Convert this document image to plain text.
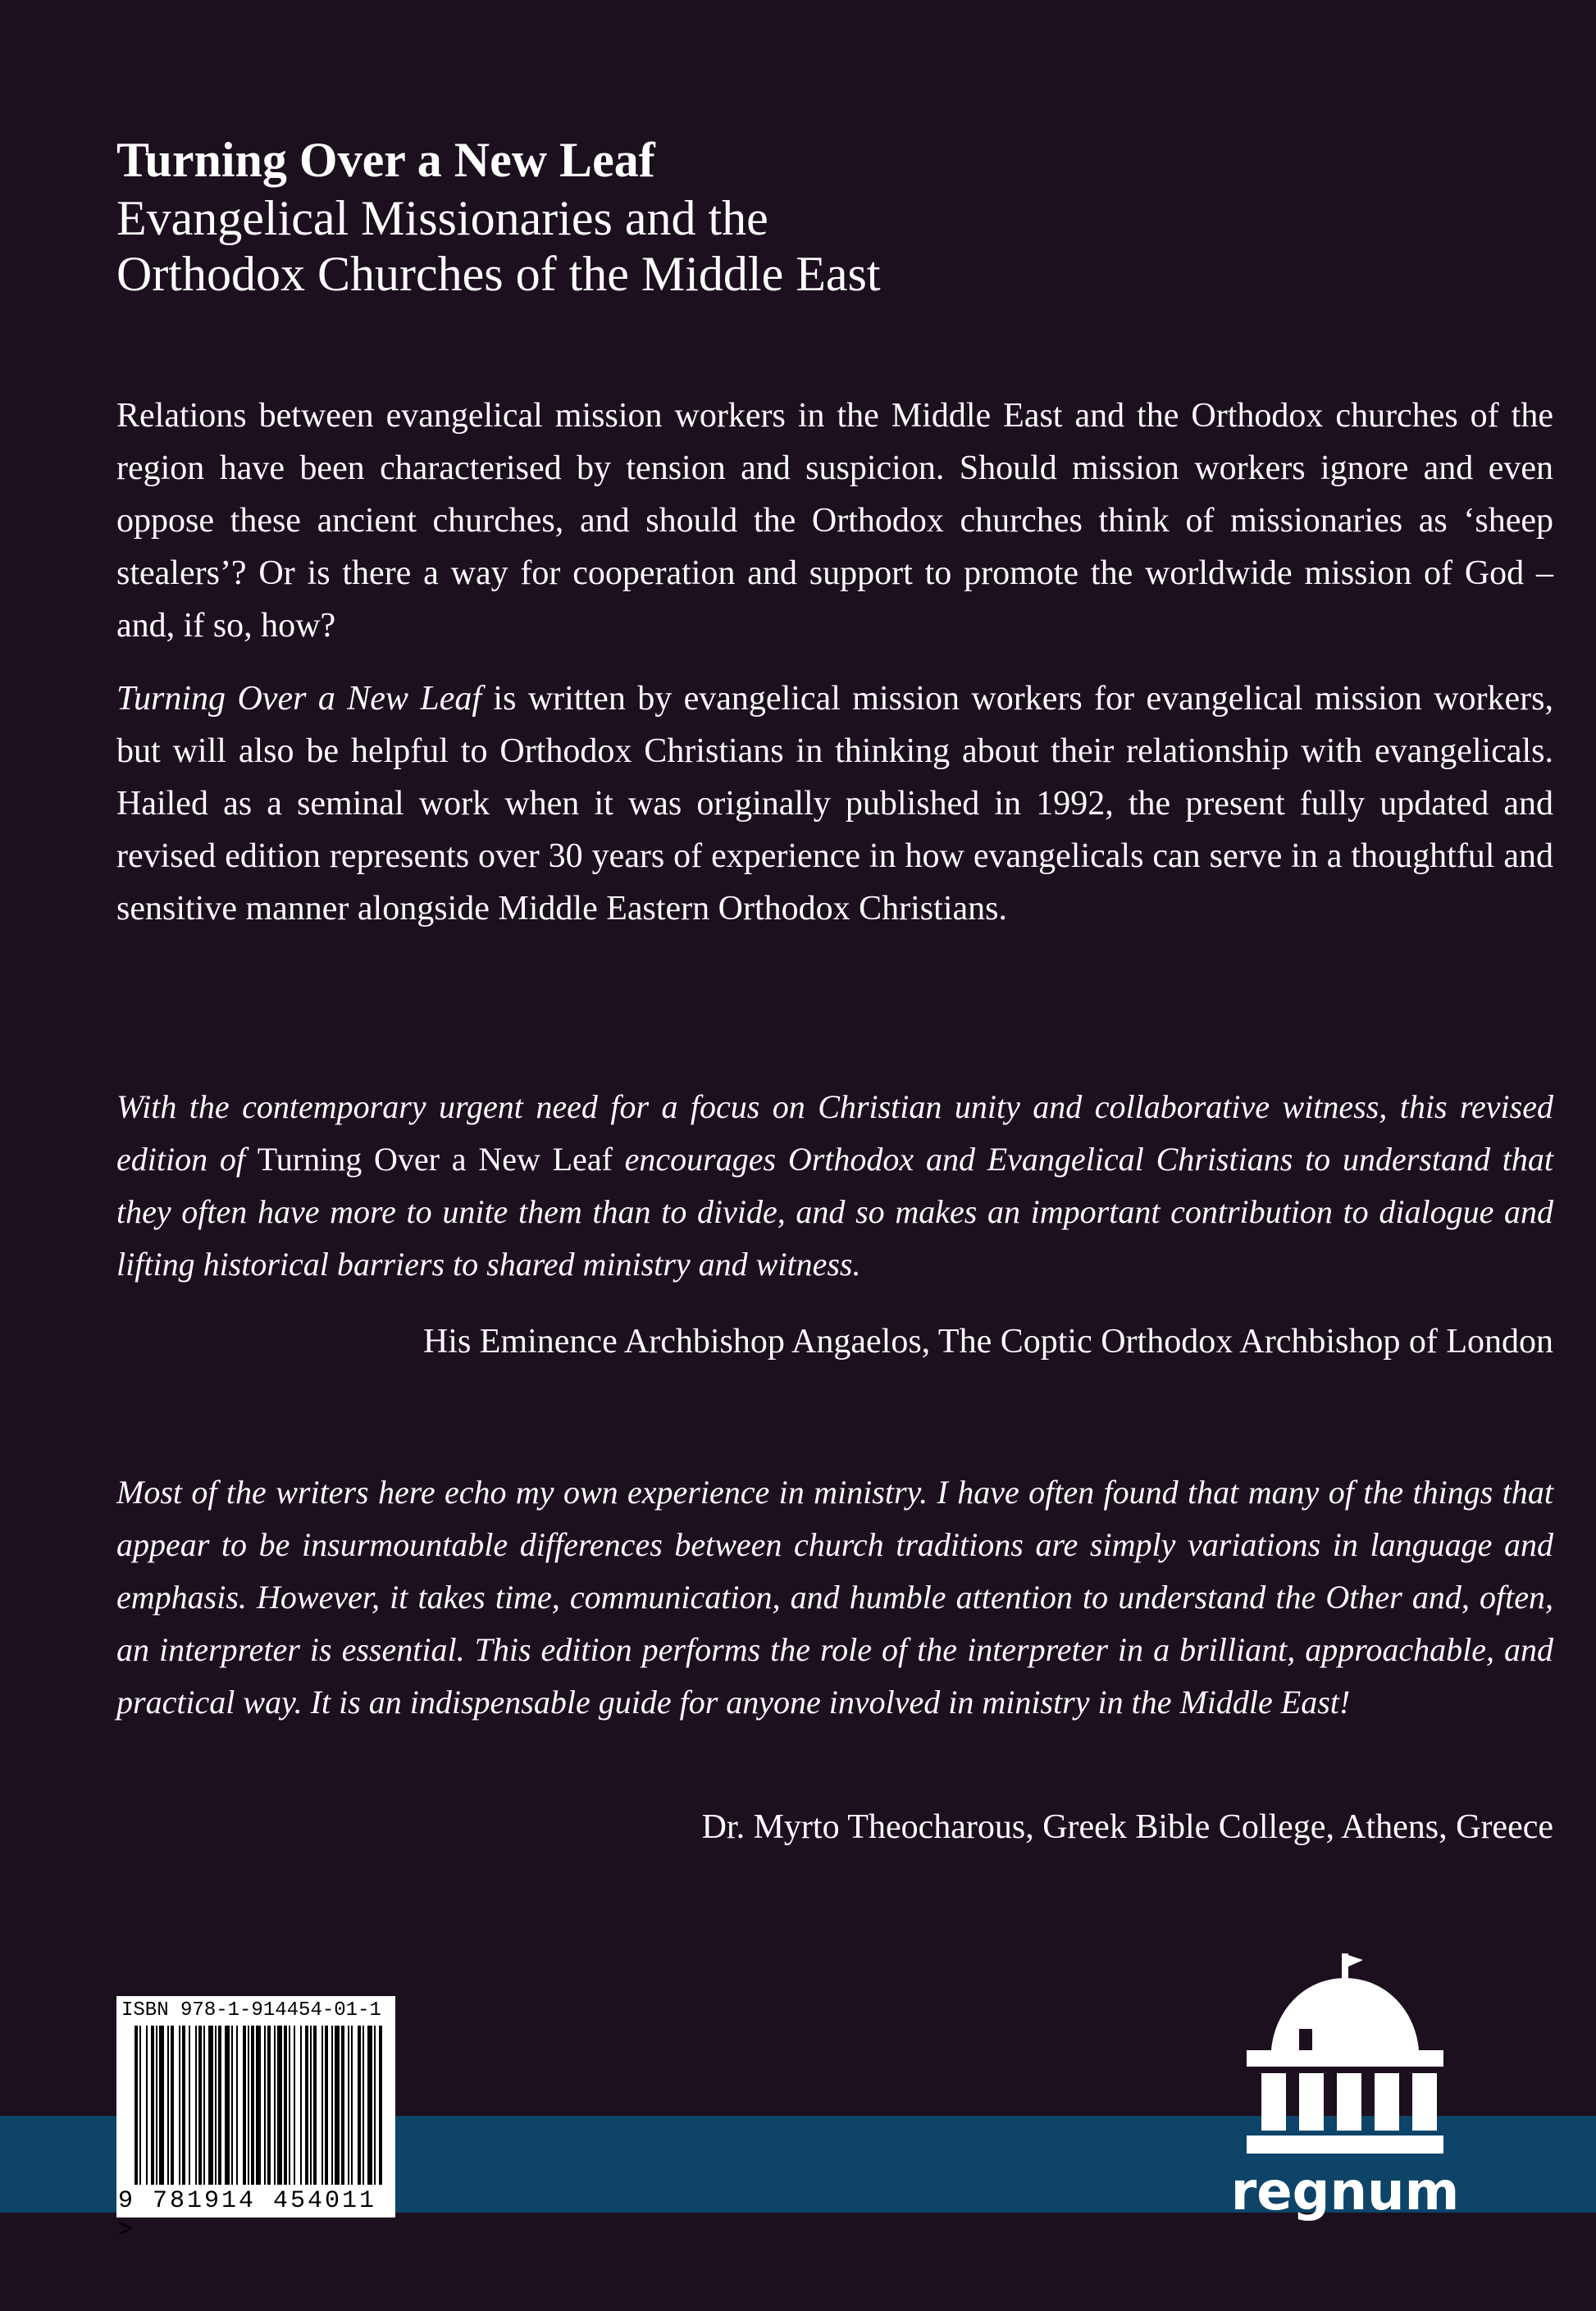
Turning Over a New Leaf

Evangelical Missionaries and the

Orthodox Churches of the Middle East

Relations between evangelical mission workers in the Middle East and the Orthodox churches of the region have been characterised by tension and suspicion. Should mission workers ignore and even oppose these ancient churches, and should the Orthodox churches think of missionaries as ‘sheep stealers’? Or is there a way for cooperation and support to promote the worldwide mission of God – and, if so, how?

Turning Over a New Leaf is written by evangelical mission workers for evangelical mission workers, but will also be helpful to Orthodox Christians in thinking about their relationship with evangelicals. Hailed as a seminal work when it was originally published in 1992, the present fully updated and revised edition represents over 30 years of experience in how evangelicals can serve in a thoughtful and sensitive manner alongside Middle Eastern Orthodox Christians.

With the contemporary urgent need for a focus on Christian unity and collaborative witness, this revised edition of Turning Over a New Leaf encourages Orthodox and Evangelical Christians to understand that they often have more to unite them than to divide, and so makes an important contribution to dialogue and lifting historical barriers to shared ministry and witness.

His Eminence Archbishop Angaelos, The Coptic Orthodox Archbishop of London

Most of the writers here echo my own experience in ministry. I have often found that many of the things that appear to be insurmountable differences between church traditions are simply variations in language and emphasis. However, it takes time, communication, and humble attention to understand the Other and, often, an interpreter is essential. This edition performs the role of the interpreter in a brilliant, approachable, and practical way. It is an indispensable guide for anyone involved in ministry in the Middle East!

Dr. Myrto Theocharous, Greek Bible College, Athens, Greece

ISBN 978-1-914454-01-1
9 781914 454011 >
regnum
